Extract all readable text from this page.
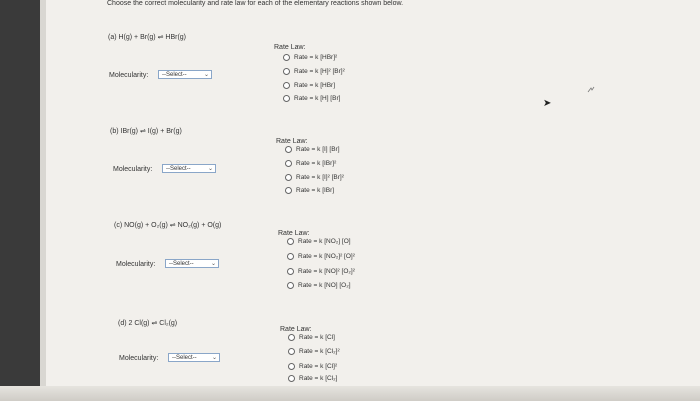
Choose the correct molecularity and rate law for each of the elementary reactions shown below.
(a) H(g) + Br(g) ⇌ HBr(g)
Molecularity:	--Select--	⌄
Rate Law:
Rate = k [HBr]²
Rate = k [H]² [Br]²
Rate = k [HBr]
Rate = k [H] [Br]
(b) IBr(g) ⇌ I(g) + Br(g)
Molecularity:	--Select--	⌄
Rate Law:
Rate = k [I] [Br]
Rate = k [IBr]²
Rate = k [I]² [Br]²
Rate = k [IBr]
(c) NO(g) + O₂(g) ⇌ NO₂(g) + O(g)
Molecularity:	--Select--	⌄
Rate Law:
Rate = k [NO₂] [O]
Rate = k [NO₂]² [O]²
Rate = k [NO]² [O₂]²
Rate = k [NO] [O₂]
(d) 2 Cl(g) ⇌ Cl₂(g)
Molecularity:	--Select--	⌄
Rate Law:
Rate = k [Cl]
Rate = k [Cl₂]²
Rate = k [Cl]²
Rate = k [Cl₂]
➤
